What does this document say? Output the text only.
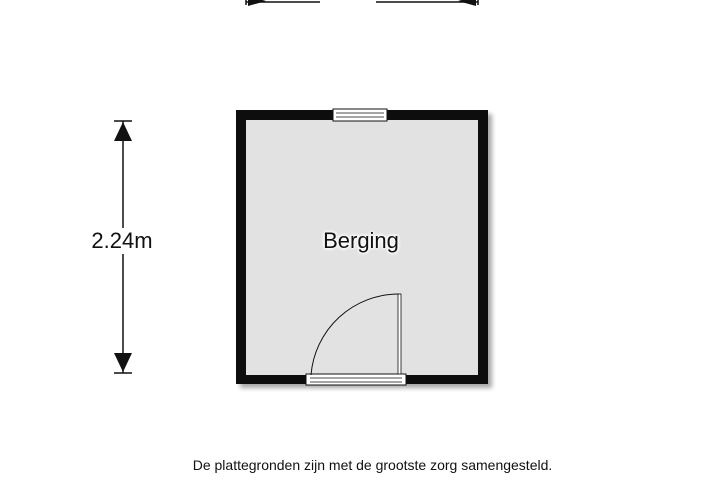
2.24m	Berging
De plattegronden zijn met de grootste zorg samengesteld.
